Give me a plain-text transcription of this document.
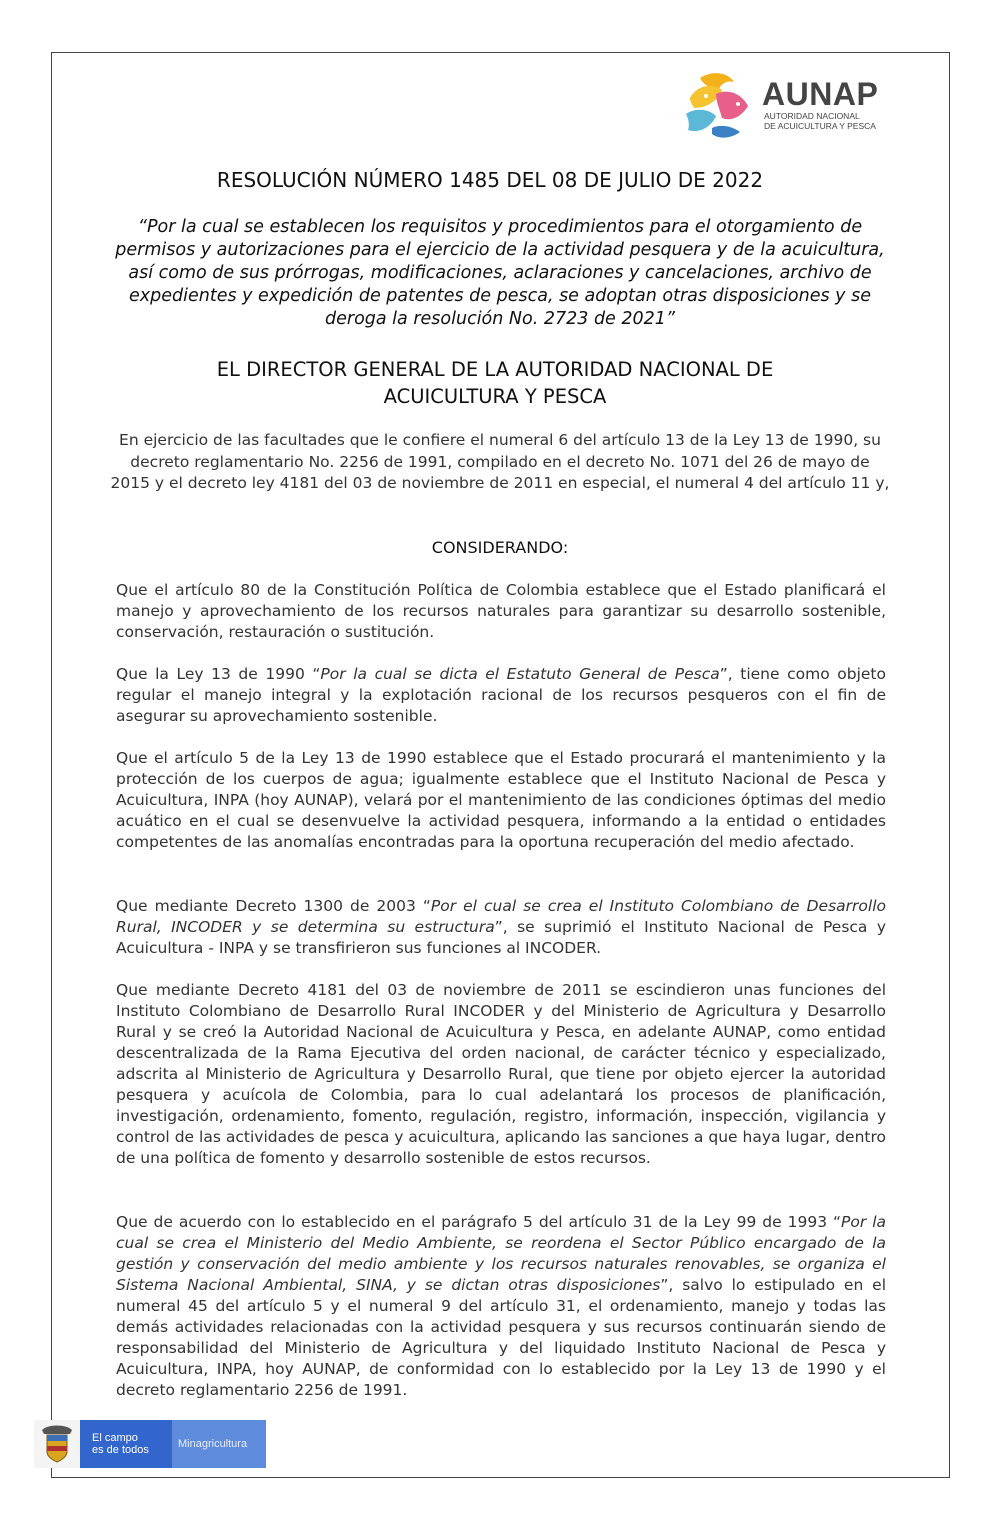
AUNAP
AUTORIDAD NACIONAL
DE ACUICULTURA Y PESCA
RESOLUCIÓN NÚMERO 1485 DEL 08 DE JULIO DE 2022
“Por la cual se establecen los requisitos y procedimientos para el otorgamiento de permisos y autorizaciones para el ejercicio de la actividad pesquera y de la acuicultura, así como de sus prórrogas, modificaciones, aclaraciones y cancelaciones, archivo de expedientes y expedición de patentes de pesca, se adoptan otras disposiciones y se deroga la resolución No. 2723 de 2021”
EL DIRECTOR GENERAL DE LA AUTORIDAD NACIONAL DE
ACUICULTURA Y PESCA
En ejercicio de las facultades que le confiere el numeral 6 del artículo 13 de la Ley 13 de 1990, su decreto reglamentario No. 2256 de 1991, compilado en el decreto No. 1071 del 26 de mayo de 2015 y el decreto ley 4181 del 03 de noviembre de 2011 en especial, el numeral 4 del artículo 11 y,
CONSIDERANDO:

Que el artículo 80 de la Constitución Política de Colombia establece que el Estado planificará el manejo y aprovechamiento de los recursos naturales para garantizar su desarrollo sostenible, conservación, restauración o sustitución.

Que la Ley 13 de 1990 “Por la cual se dicta el Estatuto General de Pesca”, tiene como objeto regular el manejo integral y la explotación racional de los recursos pesqueros con el fin de asegurar su aprovechamiento sostenible.

Que el artículo 5 de la Ley 13 de 1990 establece que el Estado procurará el mantenimiento y la protección de los cuerpos de agua; igualmente establece que el Instituto Nacional de Pesca y Acuicultura, INPA (hoy AUNAP), velará por el mantenimiento de las condiciones óptimas del medio acuático en el cual se desenvuelve la actividad pesquera, informando a la entidad o entidades competentes de las anomalías encontradas para la oportuna recuperación del medio afectado.

Que mediante Decreto 1300 de 2003 “Por el cual se crea el Instituto Colombiano de Desarrollo Rural, INCODER y se determina su estructura”, se suprimió el Instituto Nacional de Pesca y Acuicultura - INPA y se transfirieron sus funciones al INCODER.

Que mediante Decreto 4181 del 03 de noviembre de 2011 se escindieron unas funciones del Instituto Colombiano de Desarrollo Rural INCODER y del Ministerio de Agricultura y Desarrollo Rural y se creó la Autoridad Nacional de Acuicultura y Pesca, en adelante AUNAP, como entidad descentralizada de la Rama Ejecutiva del orden nacional, de carácter técnico y especializado, adscrita al Ministerio de Agricultura y Desarrollo Rural, que tiene por objeto ejercer la autoridad pesquera y acuícola de Colombia, para lo cual adelantará los procesos de planificación, investigación, ordenamiento, fomento, regulación, registro, información, inspección, vigilancia y control de las actividades de pesca y acuicultura, aplicando las sanciones a que haya lugar, dentro de una política de fomento y desarrollo sostenible de estos recursos.

Que de acuerdo con lo establecido en el parágrafo 5 del artículo 31 de la Ley 99 de 1993 “Por la cual se crea el Ministerio del Medio Ambiente, se reordena el Sector Público encargado de la gestión y conservación del medio ambiente y los recursos naturales renovables, se organiza el Sistema Nacional Ambiental, SINA, y se dictan otras disposiciones”, salvo lo estipulado en el numeral 45 del artículo 5 y el numeral 9 del artículo 31, el ordenamiento, manejo y todas las demás actividades relacionadas con la actividad pesquera y sus recursos continuarán siendo de responsabilidad del Ministerio de Agricultura y del liquidado Instituto Nacional de Pesca y Acuicultura, INPA, hoy AUNAP, de conformidad con lo establecido por la Ley 13 de 1990 y el decreto reglamentario 2256 de 1991.

El campo
es de todos	Minagricultura
